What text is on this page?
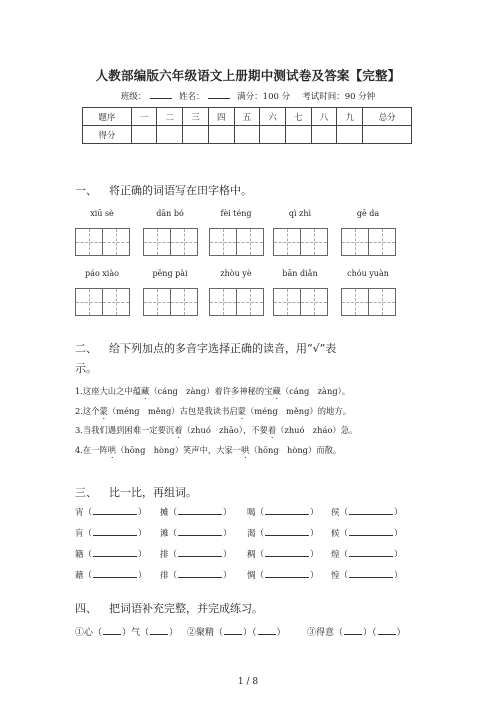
人教部编版六年级语文上册期中测试卷及答案【完整】
班级：	姓名：	满分：100 分 考试时间：90 分钟
题序	一	二	三	四	五	六	七	八	九	总分
得分										
一、 将正确的词语写在田字格中。
xiū sè	dān bó	fèi téng	qì zhì	gē da
páo xiào	pēng pài	zhòu yè	bān diǎn	chóu yuàn
二、 给下列加点的多音字选择正确的读音，用“√”表
示。
1.这座大山之中蕴藏（cáng　zàng）着许多神秘的宝藏（cáng　zàng）。
2.这个蒙（méng　měng）古包是我读书启蒙（méng　měng）的地方。
3.当我们遇到困难一定要沉着（zhuó　zhāo），不要着（zhuó　zháo）急。
4.在一阵哄（hōng　hòng）笑声中，大家一哄（hōng　hòng）而散。
三、 比一比，再组词。
宵（	） 摊（	） 喝（	） 侯（	）
肓（	） 滩（	） 渴（	） 候（	）
籍（	） 排（	） 稠（	） 煌（	）
藉（	） 徘（	） 惆（	） 惶（	）
四、 把词语补充完整，并完成练习。
①心（ ）气（ ） ②聚精（ ）（ ） ③得意（ ）（ ）
1 / 8
